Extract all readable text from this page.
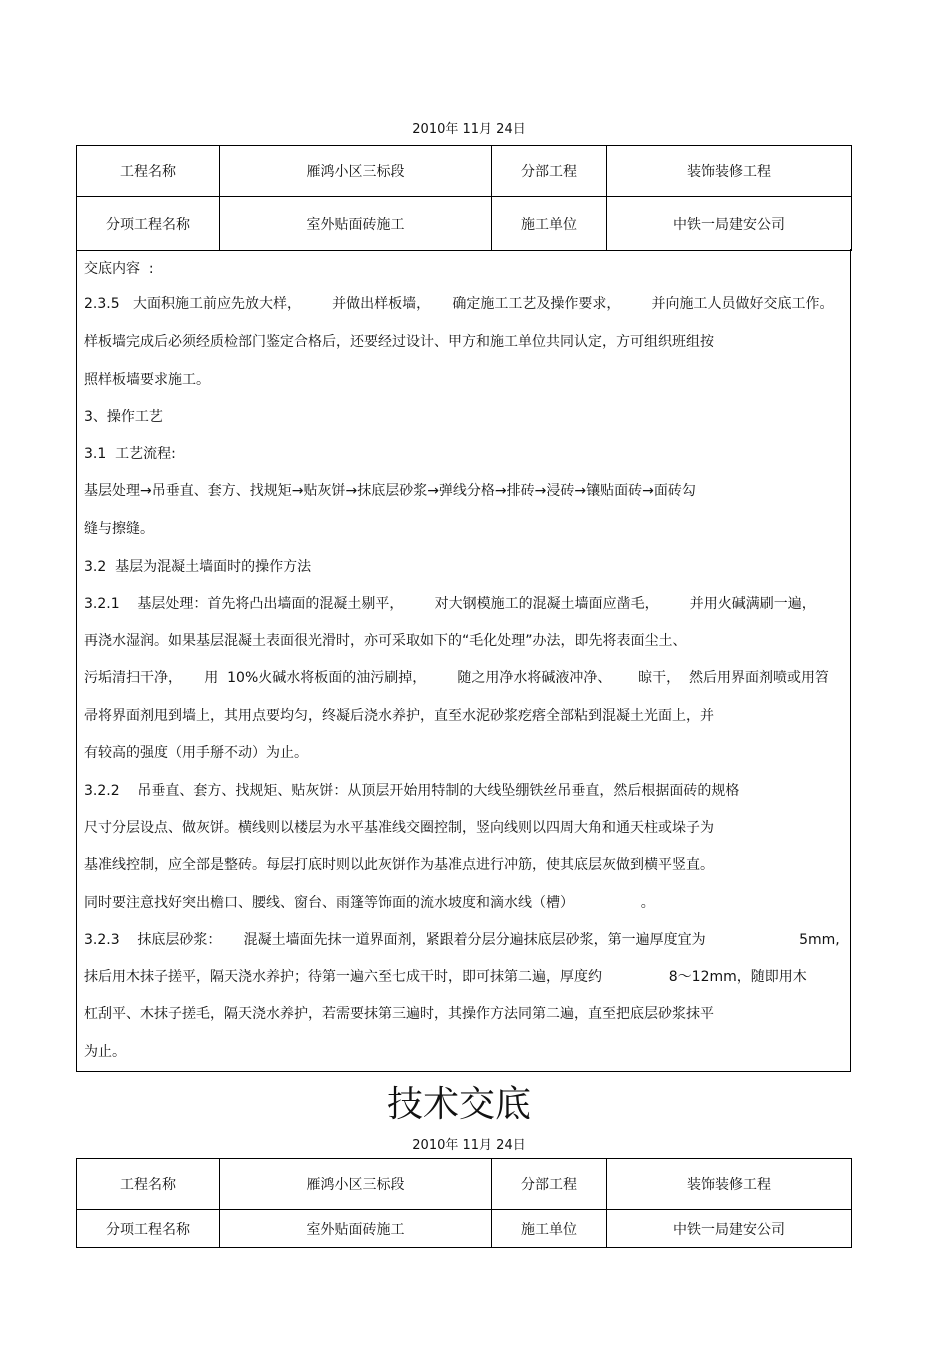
2010年 11月 24日
工程名称	雁鸿小区三标段	分部工程	装饰装修工程
分项工程名称	室外贴面砖施工	施工单位	中铁一局建安公司
交底内容  :
2.3.5   大面积施工前应先放大样，       并做出样板墙，     确定施工工艺及操作要求，       并向施工人员做好交底工作。
样板墙完成后必须经质检部门鉴定合格后，还要经过设计、甲方和施工单位共同认定，方可组织班组按
照样板墙要求施工。
3、操作工艺
3.1  工艺流程:
基层处理→吊垂直、套方、找规矩→贴灰饼→抹底层砂浆→弹线分格→排砖→浸砖→镶贴面砖→面砖勾
缝与擦缝。
3.2  基层为混凝土墙面时的操作方法
3.2.1    基层处理：首先将凸出墙面的混凝土剔平，       对大钢模施工的混凝土墙面应凿毛，       并用火碱满刷一遍，
再浇水湿润。如果基层混凝土表面很光滑时，亦可采取如下的“毛化处理”办法，即先将表面尘土、
污垢清扫干净，     用  10%火碱水将板面的油污刷掉，       随之用净水将碱液冲净、      晾干，  然后用界面剂喷或用笤
帚将界面剂甩到墙上，其用点要均匀，终凝后浇水养护，直至水泥砂浆疙瘩全部粘到混凝土光面上，并
有较高的强度（用手掰不动）为止。
3.2.2    吊垂直、套方、找规矩、贴灰饼：从顶层开始用特制的大线坠绷铁丝吊垂直，然后根据面砖的规格
尺寸分层设点、做灰饼。横线则以楼层为水平基准线交圈控制，竖向线则以四周大角和通天柱或垛子为
基准线控制，应全部是整砖。每层打底时则以此灰饼作为基准点进行冲筋，使其底层灰做到横平竖直。
同时要注意找好突出檐口、腰线、窗台、雨篷等饰面的流水坡度和滴水线（槽）               。
3.2.3    抹底层砂浆：     混凝土墙面先抹一道界面剂，紧跟着分层分遍抹底层砂浆，第一遍厚度宜为                     5mm,
抹后用木抹子搓平，隔天浇水养护；待第一遍六至七成干时，即可抹第二遍，厚度约               8～12mm，随即用木
杠刮平、木抹子搓毛，隔天浇水养护，若需要抹第三遍时，其操作方法同第二遍，直至把底层砂浆抹平
为止。
技术交底
2010年 11月 24日
工程名称	雁鸿小区三标段	分部工程	装饰装修工程
分项工程名称	室外贴面砖施工	施工单位	中铁一局建安公司
